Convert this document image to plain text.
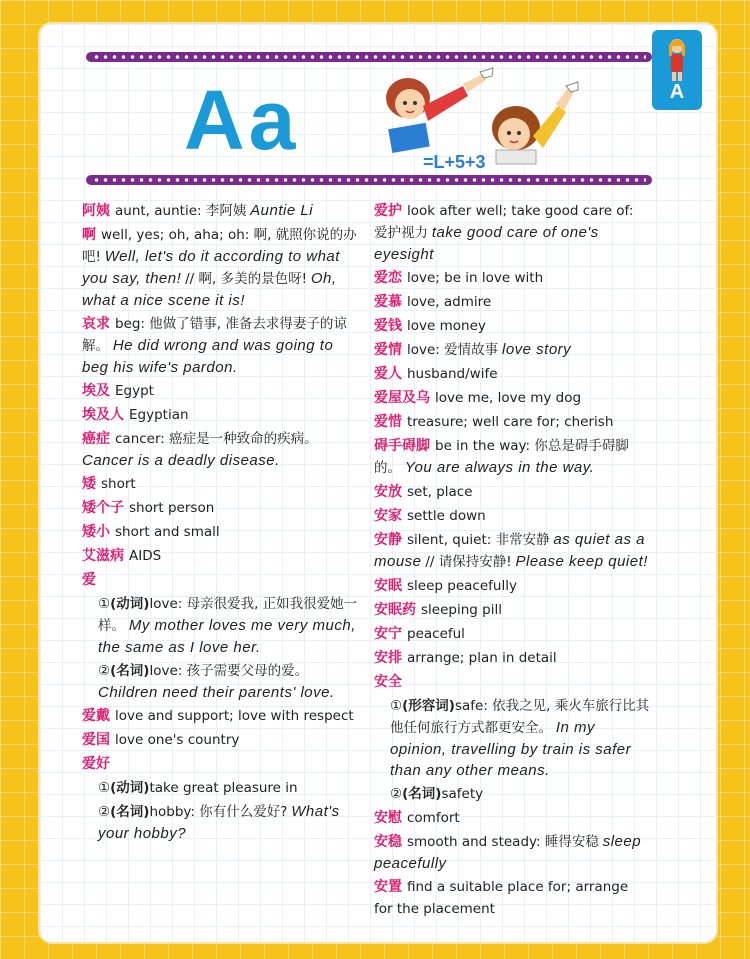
A
Aa	=L+5+3
阿姨 aunt, auntie: 李阿姨 Auntie Li
啊 well, yes; oh, aha; oh: 啊, 就照你说的办吧! Well, let's do it according to what you say, then! // 啊, 多美的景色呀! Oh, what a nice scene it is!
哀求 beg: 他做了错事, 准备去求得妻子的谅解。 He did wrong and was going to beg his wife's pardon.
埃及 Egypt
埃及人 Egyptian
癌症 cancer: 癌症是一种致命的疾病。 Cancer is a deadly disease.
矮 short
矮个子 short person
矮小 short and small
艾滋病 AIDS
爱
①(动词)love: 母亲很爱我, 正如我很爱她一样。 My mother loves me very much, the same as I love her.
②(名词)love: 孩子需要父母的爱。 Children need their parents' love.
爱戴 love and support; love with respect
爱国 love one's country
爱好
①(动词)take great pleasure in
②(名词)hobby: 你有什么爱好? What's your hobby?
爱护 look after well; take good care of: 爱护视力 take good care of one's eyesight
爱恋 love; be in love with
爱慕 love, admire
爱钱 love money
爱情 love: 爱情故事 love story
爱人 husband/wife
爱屋及乌 love me, love my dog
爱惜 treasure; well care for; cherish
碍手碍脚 be in the way: 你总是碍手碍脚的。 You are always in the way.
安放 set, place
安家 settle down
安静 silent, quiet: 非常安静 as quiet as a mouse // 请保持安静! Please keep quiet!
安眠 sleep peacefully
安眠药 sleeping pill
安宁 peaceful
安排 arrange; plan in detail
安全
①(形容词)safe: 依我之见, 乘火车旅行比其他任何旅行方式都更安全。 In my opinion, travelling by train is safer than any other means.
②(名词)safety
安慰 comfort
安稳 smooth and steady: 睡得安稳 sleep peacefully
安置 find a suitable place for; arrange for the placement
